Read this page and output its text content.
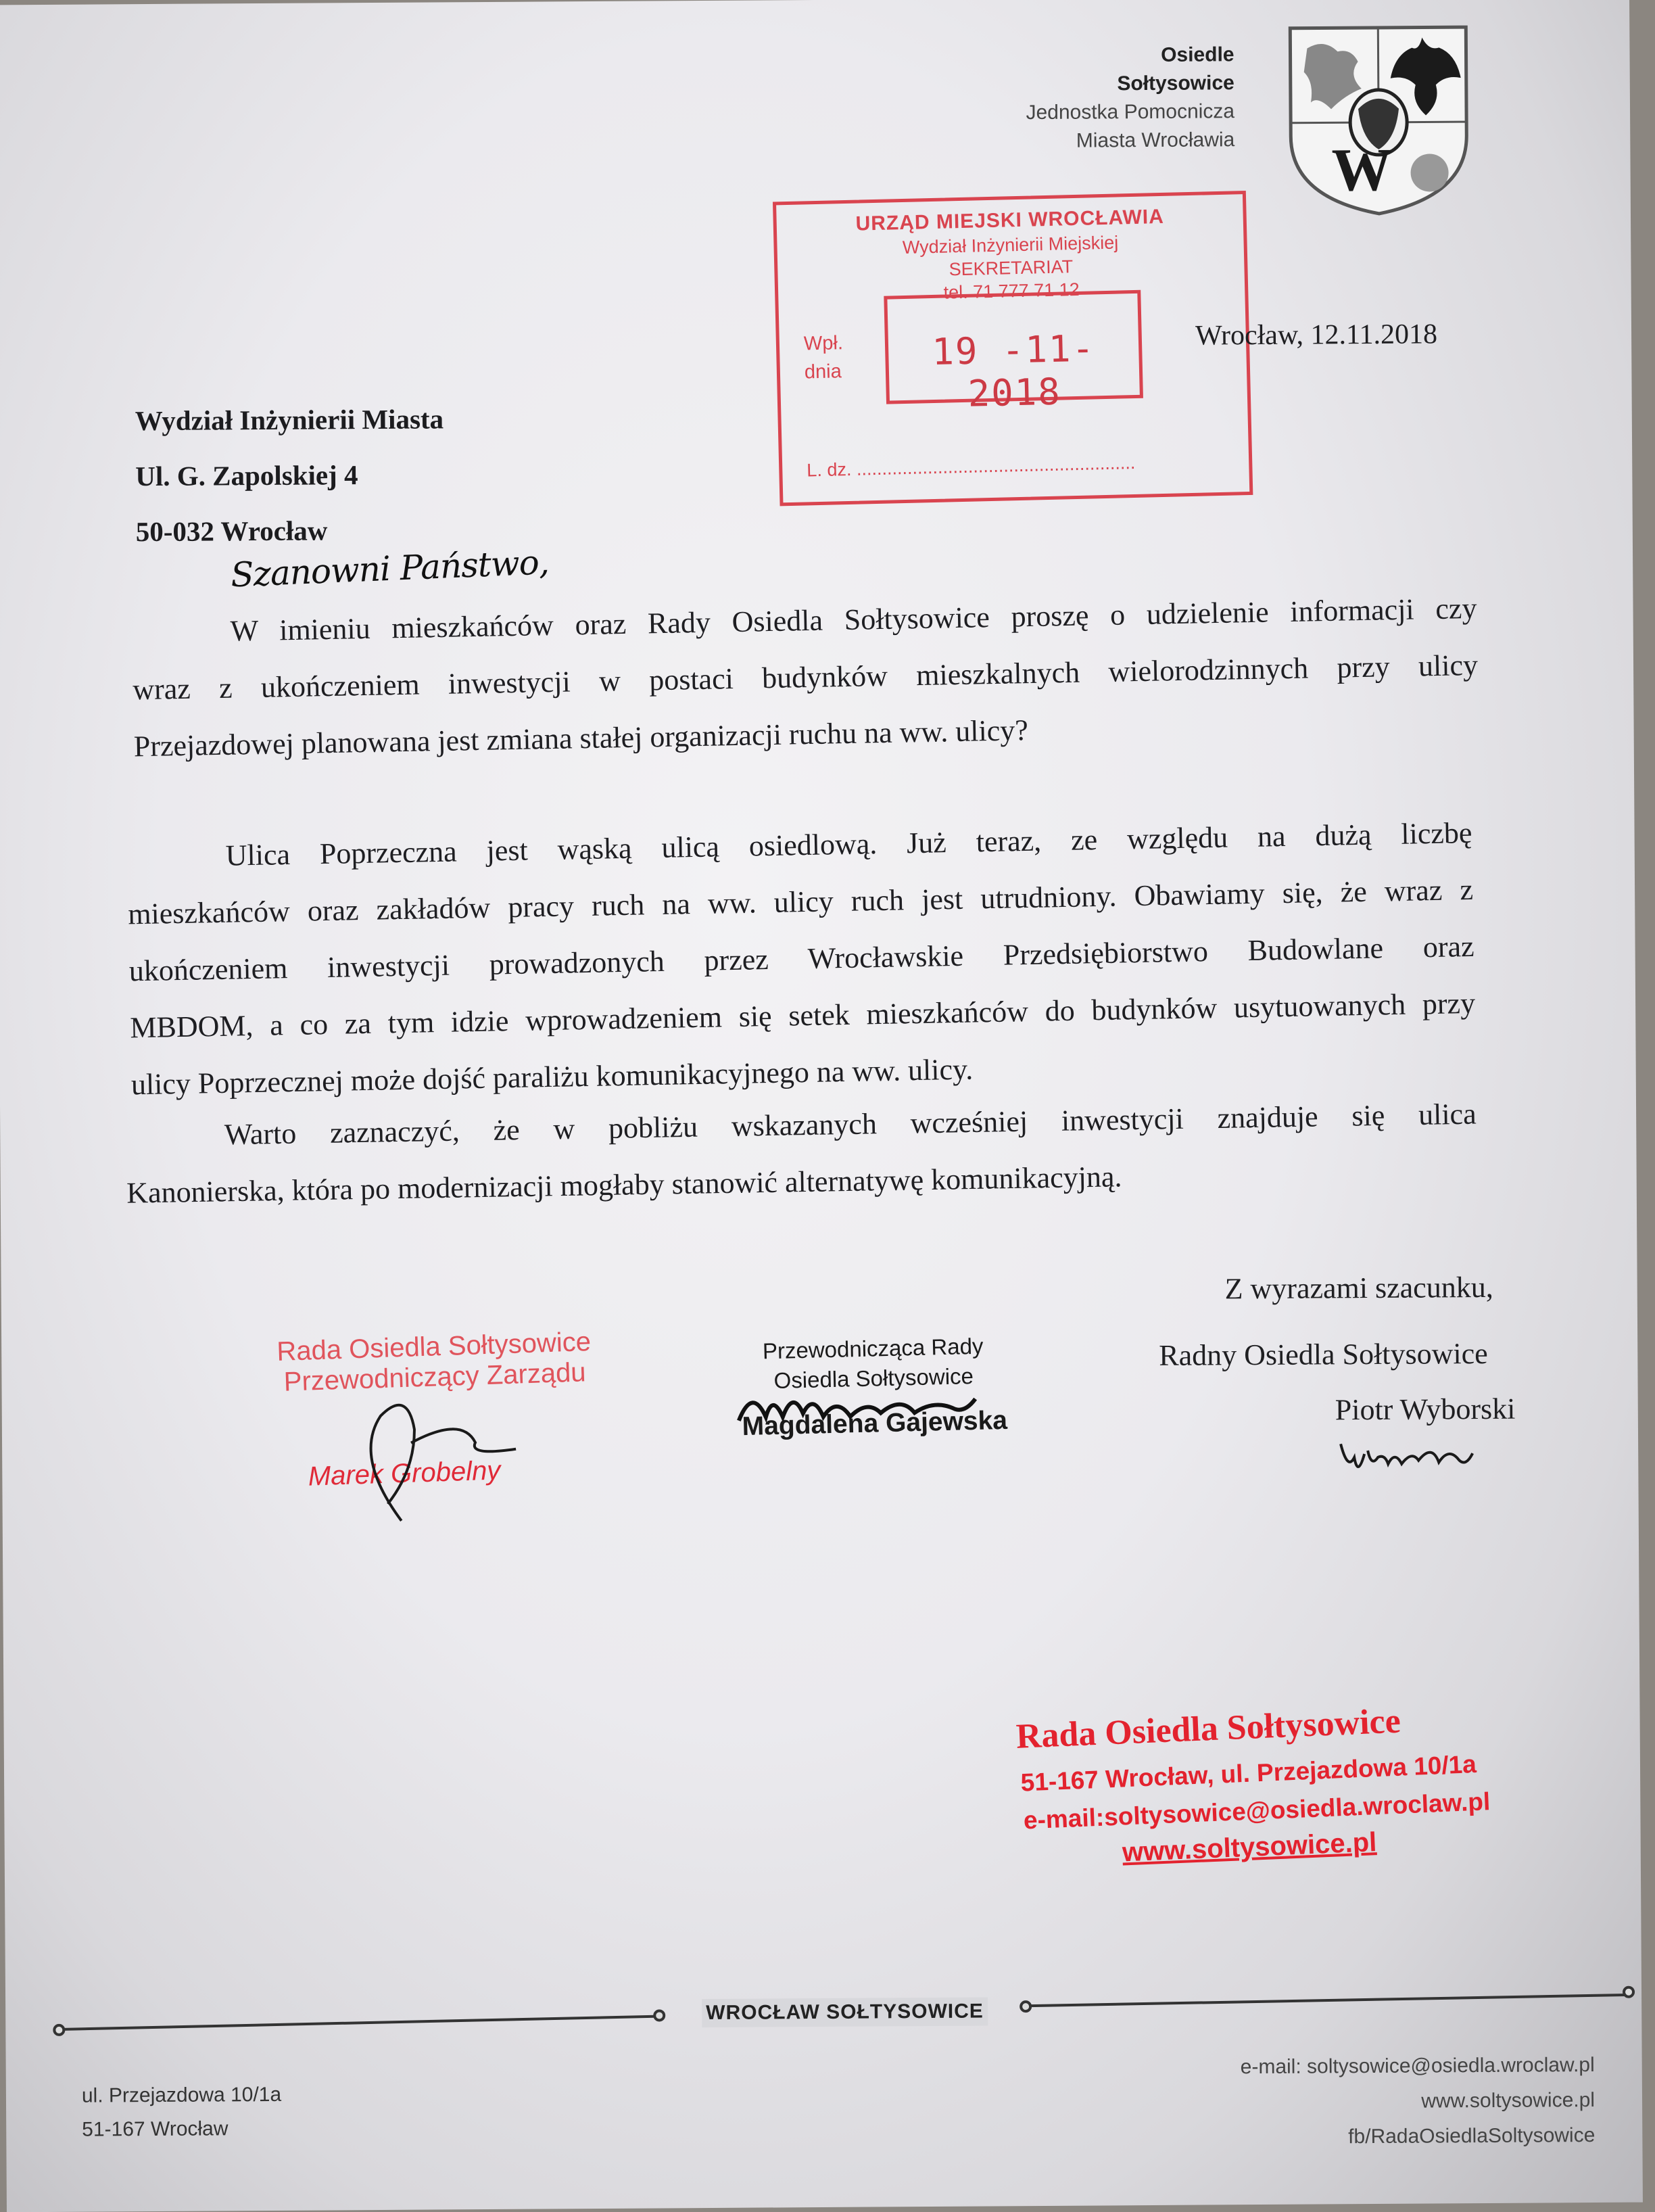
Osiedle
Sołtysowice
Jednostka Pomocnicza
Miasta Wrocławia W
URZĄD MIEJSKI WROCŁAWIA
Wydział Inżynierii Miejskiej
SEKRETARIAT
tel. 71 777 71 12
Wpł.
dnia	19 -11- 2018
L. dz. .......................................................
Wrocław, 12.11.2018
Wydział Inżynierii Miasta
Ul. G. Zapolskiej 4
50-032 Wrocław
Szanowni Państwo,
W imieniu mieszkańców oraz Rady Osiedla Sołtysowice proszę o udzielenie informacji czy
wraz z ukończeniem inwestycji w postaci budynków mieszkalnych wielorodzinnych przy ulicy
Przejazdowej planowana jest zmiana stałej organizacji ruchu na ww. ulicy?
Ulica Poprzeczna jest wąską ulicą osiedlową. Już teraz, ze względu na dużą liczbę
mieszkańców oraz zakładów pracy ruch na ww. ulicy ruch jest utrudniony. Obawiamy się, że wraz z
ukończeniem inwestycji prowadzonych przez Wrocławskie Przedsiębiorstwo Budowlane oraz
MBDOM, a co za tym idzie wprowadzeniem się setek mieszkańców do budynków usytuowanych przy
ulicy Poprzecznej może dojść paraliżu komunikacyjnego na ww. ulicy.
Warto zaznaczyć, że w pobliżu wskazanych wcześniej inwestycji znajduje się ulica
Kanonierska, która po modernizacji mogłaby stanowić alternatywę komunikacyjną.
Z wyrazami szacunku,
Radny Osiedla Sołtysowice
Piotr Wyborski
Rada Osiedla Sołtysowice
Przewodniczący Zarządu
Marek Grobelny
Przewodnicząca Rady
Osiedla Sołtysowice
Magdalena Gajewska
Rada Osiedla Sołtysowice
51-167 Wrocław, ul. Przejazdowa 10/1a
e-mail:soltysowice@osiedla.wroclaw.pl
www.soltysowice.pl
WROCŁAW SOŁTYSOWICE
ul. Przejazdowa 10/1a
51-167 Wrocław
e-mail: soltysowice@osiedla.wroclaw.pl
www.soltysowice.pl
fb/RadaOsiedlaSoltysowice
